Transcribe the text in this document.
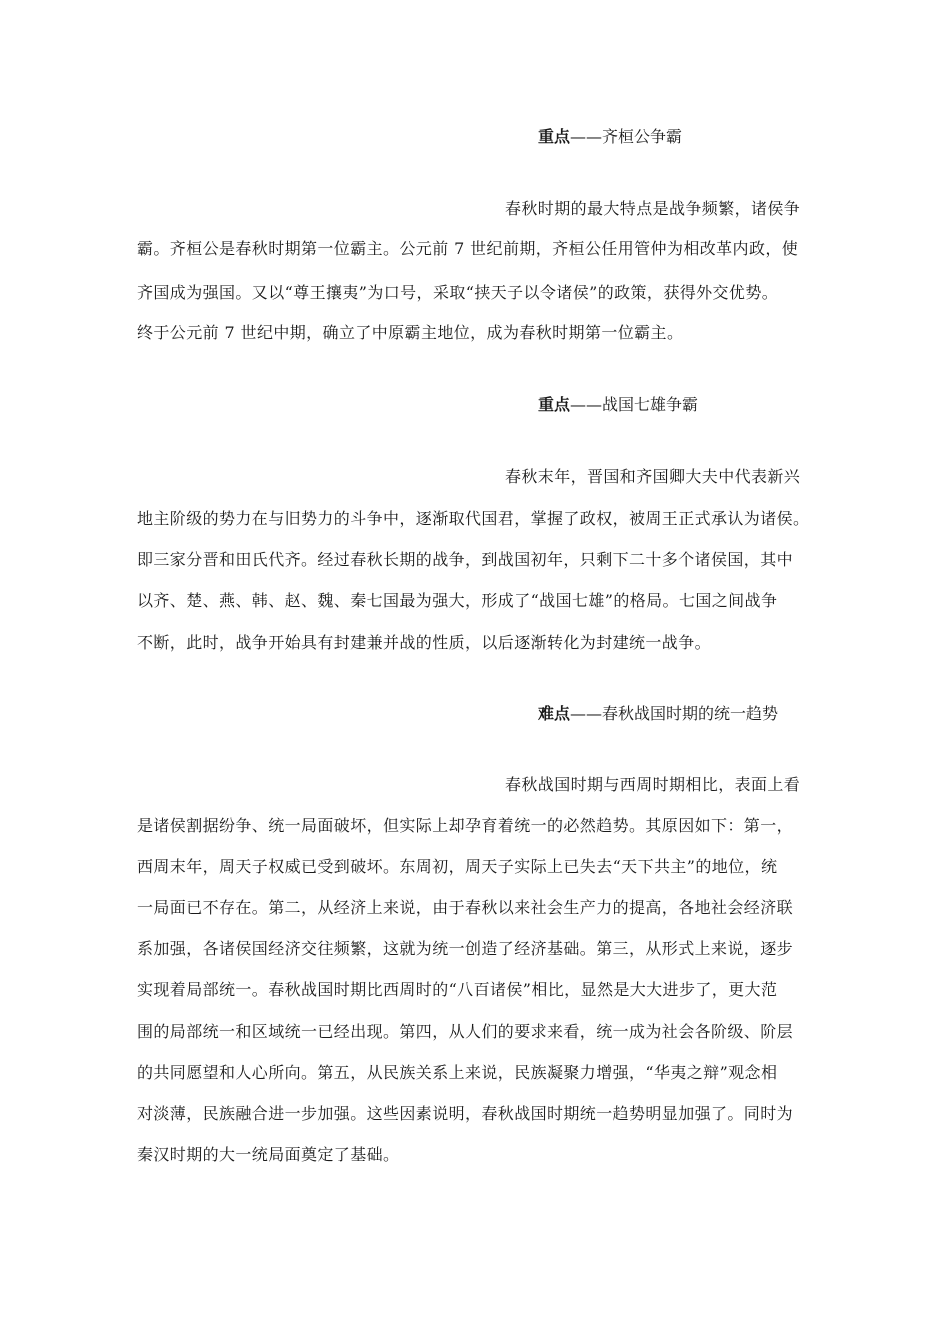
重点——齐桓公争霸
春秋时期的最大特点是战争频繁，诸侯争
霸。齐桓公是春秋时期第一位霸主。公元前 7 世纪前期，齐桓公任用管仲为相改革内政，使
齐国成为强国。又以“尊王攘夷”为口号，采取“挟天子以令诸侯”的政策，获得外交优势。
终于公元前 7 世纪中期，确立了中原霸主地位，成为春秋时期第一位霸主。
重点——战国七雄争霸
春秋末年，晋国和齐国卿大夫中代表新兴
地主阶级的势力在与旧势力的斗争中，逐渐取代国君，掌握了政权，被周王正式承认为诸侯。
即三家分晋和田氏代齐。经过春秋长期的战争，到战国初年，只剩下二十多个诸侯国，其中
以齐、楚、燕、韩、赵、魏、秦七国最为强大，形成了“战国七雄”的格局。七国之间战争
不断，此时，战争开始具有封建兼并战的性质，以后逐渐转化为封建统一战争。
难点——春秋战国时期的统一趋势
春秋战国时期与西周时期相比，表面上看
是诸侯割据纷争、统一局面破坏，但实际上却孕育着统一的必然趋势。其原因如下：第一，
西周末年，周天子权威已受到破坏。东周初，周天子实际上已失去“天下共主”的地位，统
一局面已不存在。第二，从经济上来说，由于春秋以来社会生产力的提高，各地社会经济联
系加强，各诸侯国经济交往频繁，这就为统一创造了经济基础。第三，从形式上来说，逐步
实现着局部统一。春秋战国时期比西周时的“八百诸侯”相比，显然是大大进步了，更大范
围的局部统一和区域统一已经出现。第四，从人们的要求来看，统一成为社会各阶级、阶层
的共同愿望和人心所向。第五，从民族关系上来说，民族凝聚力增强，“华夷之辩”观念相
对淡薄，民族融合进一步加强。这些因素说明，春秋战国时期统一趋势明显加强了。同时为
秦汉时期的大一统局面奠定了基础。
